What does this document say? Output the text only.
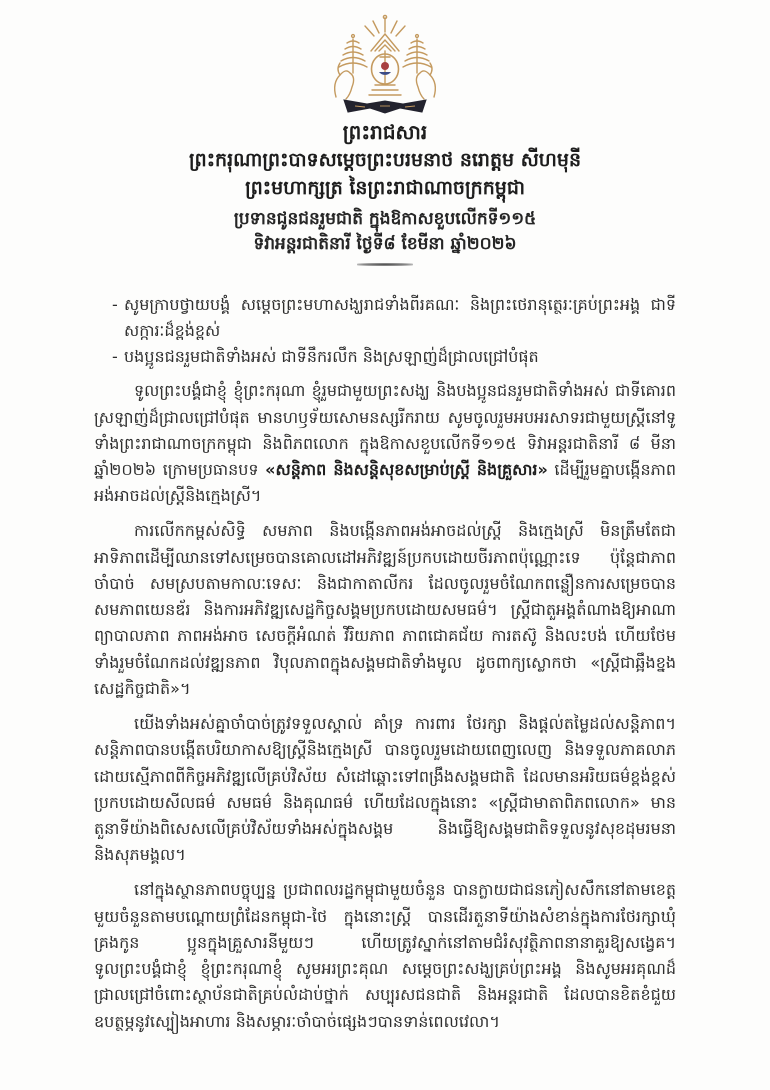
ព្រះរាជសារ
ព្រះករុណាព្រះបាទសម្តេចព្រះបរមនាថ នរោត្តម សីហមុនី
ព្រះមហាក្សត្រ នៃព្រះរាជាណាចក្រកម្ពុជា
ប្រទានជូនជនរួមជាតិ ក្នុងឱកាសខួបលើកទី១១៥
ទិវាអន្តរជាតិនារី ថ្ងៃទី៨ ខែមីនា ឆ្នាំ២០២៦
- សូមក្រាបថ្វាយបង្គំ សម្តេចព្រះមហាសង្ឃរាជទាំងពីរគណៈ និងព្រះថេរានុត្ថេរៈគ្រប់ព្រះអង្គ ជាទីសក្ការៈដ៏ខ្ពង់ខ្ពស់
- បងប្អូនជនរួមជាតិទាំងអស់ ជាទីនឹករលឹក និងស្រឡាញ់ដ៏ជ្រាលជ្រៅបំផុត

ទូលព្រះបង្គំជាខ្ញុំ ខ្ញុំព្រះករុណា ខ្ញុំរួមជាមួយព្រះសង្ឃ និងបងប្អូនជនរួមជាតិទាំងអស់ ជាទីគោរពស្រឡាញ់ដ៏ជ្រាលជ្រៅបំផុត មានហឫទ័យសោមនស្សរីករាយ សូមចូលរួមអបអរសាទរជាមួយស្ត្រីនៅទូទាំងព្រះរាជាណាចក្រកម្ពុជា និងពិភពលោក ក្នុងឱកាសខួបលើកទី១១៥ ទិវាអន្តរជាតិនារី ៨ មីនា ឆ្នាំ២០២៦ ក្រោមប្រធានបទ «សន្តិភាព និងសន្តិសុខសម្រាប់ស្ត្រី និងគ្រួសារ» ដើម្បីរួមគ្នាបង្កើនភាពអង់អាចដល់ស្ត្រីនិងក្មេងស្រី។

ការលើកកម្ពស់សិទ្ធិ សមភាព និងបង្កើនភាពអង់អាចដល់ស្ត្រី និងក្មេងស្រី មិនត្រឹមតែជាអាទិភាពដើម្បីឈានទៅសម្រេចបានគោលដៅអភិវឌ្ឍន៍ប្រកបដោយចីរភាពប៉ុណ្ណោះទេ ប៉ុន្តែជាភាពចាំបាច់ សមស្របតាមកាលៈទេសៈ និងជាកាតាលីករ ដែលចូលរួមចំណែកពន្លឿនការសម្រេចបានសមភាពយេនឌ័រ និងការអភិវឌ្ឍសេដ្ឋកិច្ចសង្គមប្រកបដោយសមធម៌។ ស្ត្រីជាតួអង្គតំណាងឱ្យអាណាព្យាបាលភាព ភាពអង់អាច សេចក្តីអំណត់ វីរិយភាព ភាពជោគជ័យ ការតស៊ូ និងលះបង់ ហើយថែមទាំងរួមចំណែកដល់វឌ្ឍនភាព វិបុលភាពក្នុងសង្គមជាតិទាំងមូល ដូចពាក្យស្លោកថា «ស្ត្រីជាឆ្អឹងខ្នងសេដ្ឋកិច្ចជាតិ»។

យើងទាំងអស់គ្នាចាំបាច់ត្រូវទទួលស្គាល់ គាំទ្រ ការពារ ថែរក្សា និងផ្តល់តម្លៃដល់សន្តិភាព។ សន្តិភាពបានបង្កើតបរិយាកាសឱ្យស្ត្រីនិងក្មេងស្រី បានចូលរួមដោយពេញលេញ និងទទួលភាគលាភដោយស្មើភាពពីកិច្ចអភិវឌ្ឍលើគ្រប់វិស័យ សំដៅឆ្ពោះទៅពង្រឹងសង្គមជាតិ ដែលមានអរិយធម៌ខ្ពង់ខ្ពស់ប្រកបដោយសីលធម៌ សមធម៌ និងគុណធម៌ ហើយដែលក្នុងនោះ «ស្ត្រីជាមាតាពិភពលោក» មានតួនាទីយ៉ាងពិសេសលើគ្រប់វិស័យទាំងអស់ក្នុងសង្គម និងធ្វើឱ្យសង្គមជាតិទទួលនូវសុខដុមរមនា និងសុភមង្គល។

នៅក្នុងស្ថានភាពបច្ចុប្បន្ន ប្រជាពលរដ្ឋកម្ពុជាមួយចំនួន បានក្លាយជាជនភៀសសឹកនៅតាមខេត្តមួយចំនួនតាមបណ្តោយព្រំដែនកម្ពុជា-ថៃ ក្នុងនោះស្ត្រី បានដើរតួនាទីយ៉ាងសំខាន់ក្នុងការថែរក្សាឃុំគ្រងកូន ប្អូនក្នុងគ្រួសារនីមួយៗ ហើយត្រូវស្នាក់នៅតាមជំរំសុវត្ថិភាពនានាគួរឱ្យសង្វេគ។ ទូលព្រះបង្គំជាខ្ញុំ ខ្ញុំព្រះករុណាខ្ញុំ សូមអរព្រះគុណ សម្តេចព្រះសង្ឃគ្រប់ព្រះអង្គ និងសូមអរគុណដ៏ជ្រាលជ្រៅចំពោះស្ថាប័នជាតិគ្រប់លំដាប់ថ្នាក់ សប្បុរសជនជាតិ និងអន្តរជាតិ ដែលបានខិតខំជួយឧបត្ថម្ភនូវស្បៀងអាហារ និងសម្ភារៈចាំបាច់ផ្សេងៗបានទាន់ពេលវេលា។
